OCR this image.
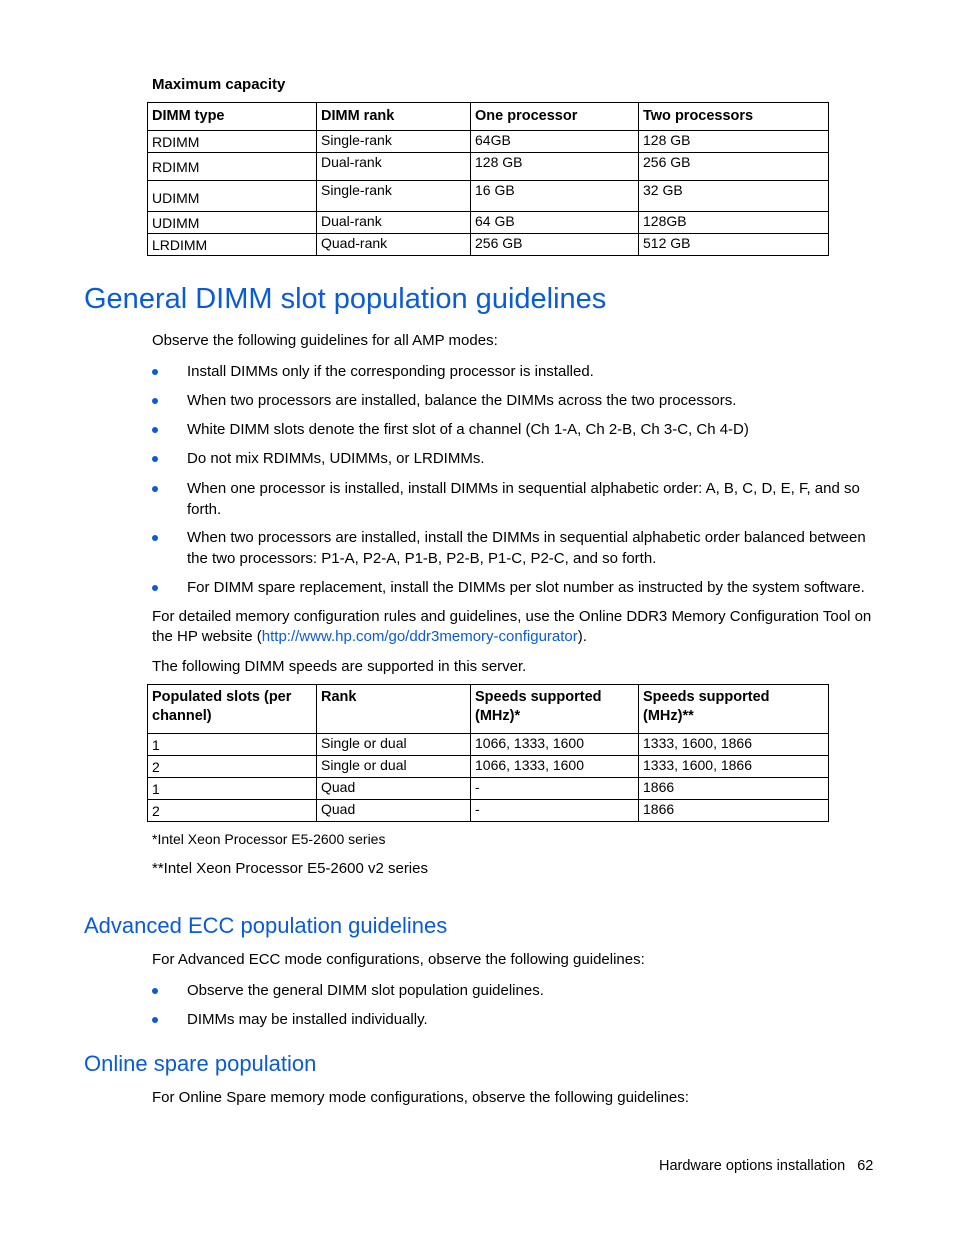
Maximum capacity
DIMM type	DIMM rank	One processor	Two processors
RDIMM	Single-rank	64GB	128 GB
RDIMM	Dual-rank	128 GB	256 GB
UDIMM	Single-rank	16 GB	32 GB
UDIMM	Dual-rank	64 GB	128GB
LRDIMM	Quad-rank	256 GB	512 GB
General DIMM slot population guidelines
Observe the following guidelines for all AMP modes:
Install DIMMs only if the corresponding processor is installed.
When two processors are installed, balance the DIMMs across the two processors.
White DIMM slots denote the first slot of a channel (Ch 1-A, Ch 2-B, Ch 3-C, Ch 4-D)
Do not mix RDIMMs, UDIMMs, or LRDIMMs.
When one processor is installed, install DIMMs in sequential alphabetic order: A, B, C, D, E, F, and so forth.
When two processors are installed, install the DIMMs in sequential alphabetic order balanced between the two processors: P1-A, P2-A, P1-B, P2-B, P1-C, P2-C, and so forth.
For DIMM spare replacement, install the DIMMs per slot number as instructed by the system software.
For detailed memory configuration rules and guidelines, use the Online DDR3 Memory Configuration Tool on the HP website (http://www.hp.com/go/ddr3memory-configurator).
The following DIMM speeds are supported in this server.
Populated slots (per channel)	Rank	Speeds supported (MHz)*	Speeds supported (MHz)**
1	Single or dual	1066, 1333, 1600	1333, 1600, 1866
2	Single or dual	1066, 1333, 1600	1333, 1600, 1866
1	Quad	-	1866
2	Quad	-	1866
*Intel Xeon Processor E5-2600 series
**Intel Xeon Processor E5-2600 v2 series
Advanced ECC population guidelines
For Advanced ECC mode configurations, observe the following guidelines:
Observe the general DIMM slot population guidelines.
DIMMs may be installed individually.
Online spare population
For Online Spare memory mode configurations, observe the following guidelines:
Hardware options installation 62
